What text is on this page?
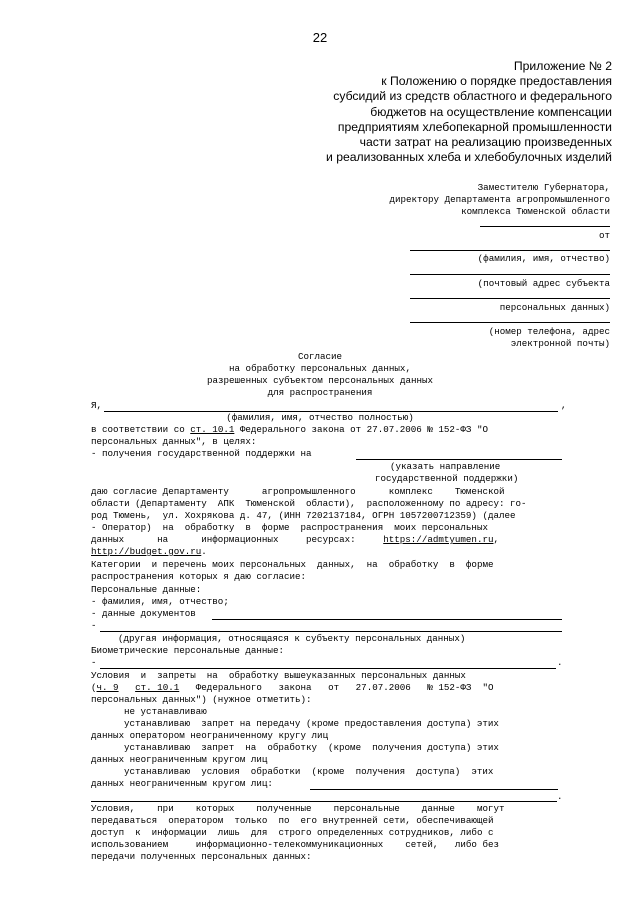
22
Приложение № 2
к Положению о порядке предоставления
субсидий из средств областного и федерального
бюджетов на осуществление компенсации
предприятиям хлебопекарной промышленности
части затрат на реализацию произведенных
и реализованных хлеба и хлебобулочных изделий
Заместителю Губернатора,
директору Департамента агропромышленного
комплекса Тюменской области
от
(фамилия, имя, отчество)
(почтовый адрес субъекта
персональных данных)
(номер телефона, адрес
электронной почты)
Согласие
на обработку персональных данных,
разрешенных субъектом персональных данных
для распространения
Я,	,
(фамилия, имя, отчество полностью)
в соответствии со ст. 10.1 Федерального закона от 27.07.2006 № 152-ФЗ "О
персональных данных", в целях:
- получения государственной поддержки на
(указать направление
государственной поддержки)
даю согласие Департаменту      агропромышленного      комплекс    Тюменской
области (Департаменту  АПК  Тюменской  области),  расположенному по адресу: го-
род Тюмень,  ул. Хохрякова д. 47, (ИНН 7202137184, ОГРН 1057200712359) (далее
- Оператор)  на  обработку  в  форме  распространения  моих персональных
данных      на      информационных     ресурсах:     https://admtyumen.ru,
http://budget.gov.ru.
Категории  и перечень моих персональных  данных,  на  обработку  в  форме
распространения которых я даю согласие:
Персональные данные:
- фамилия, имя, отчество;
- данные документов
-
(другая информация, относящаяся к субъекту персональных данных)
Биометрические персональные данные:
-	.
Условия  и  запреты  на  обработку вышеуказанных персональных данных
(ч. 9 ст. 10.1   Федерального   закона   от   27.07.2006   № 152-ФЗ  "О
персональных данных") (нужное отметить):
не устанавливаю
устанавливаю  запрет на передачу (кроме предоставления доступа) этих
данных оператором неограниченному кругу лиц
устанавливаю  запрет  на  обработку  (кроме  получения доступа) этих
данных неограниченным кругом лиц
устанавливаю  условия  обработки  (кроме  получения  доступа)  этих
данных неограниченным кругом лиц:
.
Условия,    при    которых    полученные    персональные    данные    могут
передаваться  оператором  только  по  его внутренней сети, обеспечивающей
доступ  к  информации  лишь  для  строго определенных сотрудников, либо с
использованием     информационно-телекоммуникационных    сетей,   либо без
передачи полученных персональных данных:
